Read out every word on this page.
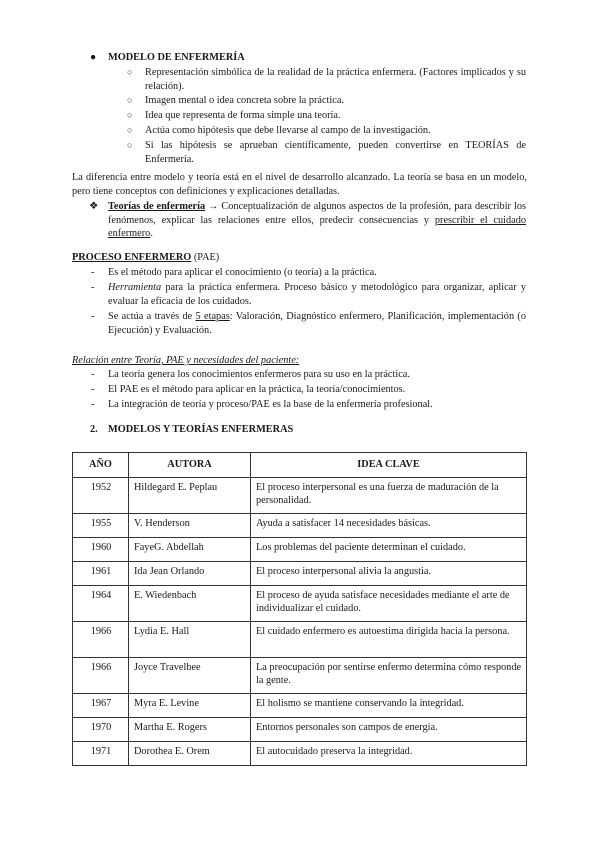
● MODELO DE ENFERMERÍA
○ Representación simbólica de la realidad de la práctica enfermera. (Factores implicados y su relación).
○ Imagen mental o idea concreta sobre la práctica.
○ Idea que representa de forma simple una teoría.
○ Actúa como hipótesis que debe llevarse al campo de la investigación.
○ Si las hipótesis se aprueban científicamente, pueden convertirse en TEORÍAS de Enfermería.
La diferencia entre modelo y teoría está en el nivel de desarrollo alcanzado. La teoría se basa en un modelo, pero tiene conceptos con definiciones y explicaciones detalladas.
❖ Teorías de enfermería → Conceptualización de algunos aspectos de la profesión, para describir los fenómenos, explicar las relaciones entre ellos, predecir consecuencias y prescribir el cuidado enfermero.
PROCESO ENFERMERO (PAE)
- Es el método para aplicar el conocimiento (o teoría) a la práctica.
- Herramienta para la práctica enfermera. Proceso básico y metodológico para organizar, aplicar y evaluar la eficacia de los cuidados.
- Se actúa a través de 5 etapas: Valoración, Diagnóstico enfermero, Planificación, implementación (o Ejecución) y Evaluación.
Relación entre Teoría, PAE y necesidades del paciente:
- La teoría genera los conocimientos enfermeros para su uso en la práctica.
- El PAE es el método para aplicar en la práctica, la teoría/conocimientos.
- La integración de teoría y proceso/PAE es la base de la enfermería profesional.
2. MODELOS Y TEORÍAS ENFERMERAS
AÑO	AUTORA	IDEA CLAVE
1952	Hildegard E. Peplau	El proceso interpersonal es una fuerza de maduración de la personalidad.
1955	V. Henderson	Ayuda a satisfacer 14 necesidades básicas.
1960	FayeG. Abdellah	Los problemas del paciente determinan el cuidado.
1961	Ida Jean Orlando	El proceso interpersonal alivia la angustia.
1964	E. Wiedenbach	El proceso de ayuda satisface necesidades mediante el arte de individualizar el cuidado.
1966	Lydia E. Hall	El cuidado enfermero es autoestima dirigida hacia la persona.
1966	Joyce Travelbee	La preocupación por sentirse enfermo determina cómo responde la gente.
1967	Myra E. Levine	El holismo se mantiene conservando la integridad.
1970	Martha E. Rogers	Entornos personales son campos de energía.
1971	Dorothea E. Orem	El autocuidado preserva la integridad.
